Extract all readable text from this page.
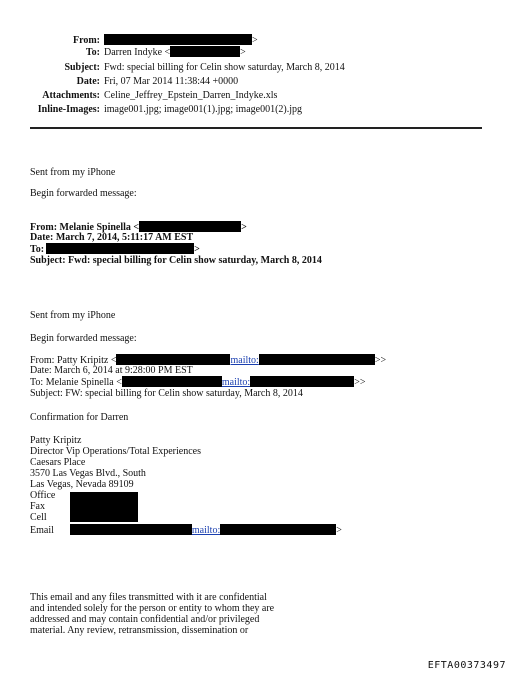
From:	>
To: Darren Indyke <	>
Subject: Fwd: special billing for Celin show saturday, March 8, 2014
Date: Fri, 07 Mar 2014 11:38:44 +0000
Attachments: Celine_Jeffrey_Epstein_Darren_Indyke.xls
Inline-Images: image001.jpg; image001(1).jpg; image001(2).jpg
Sent from my iPhone
Begin forwarded message:
From: Melanie Spinella <	>
Date: March 7, 2014, 5:11:17 AM EST
To:	>
Subject: Fwd: special billing for Celin show saturday, March 8, 2014
Sent from my iPhone
Begin forwarded message:
From: Patty Kripitz <	mailto:	>>
Date: March 6, 2014 at 9:28:00 PM EST
To: Melanie Spinella <	mailto:	>>
Subject: FW: special billing for Celin show saturday, March 8, 2014
Confirmation for Darren
Patty Kripitz
Director Vip Operations/Total Experiences
Caesars Place
3570 Las Vegas Blvd., South
Las Vegas, Nevada 89109
Office
Fax
Cell
Email	mailto:	>
This email and any files transmitted with it are confidential
and intended solely for the person or entity to whom they are
addressed and may contain confidential and/or privileged
material. Any review, retransmission, dissemination or
EFTA00373497
